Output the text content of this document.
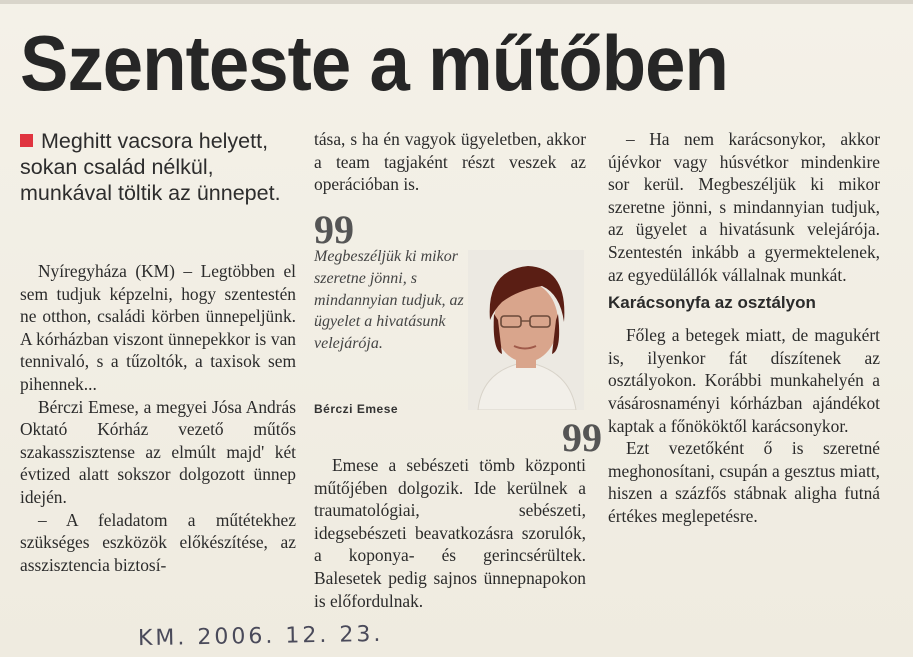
Szenteste a műtőben
Meghitt vacsora helyett, sokan család nélkül, munkával töltik az ünnepet.

Nyíregyháza (KM) – Legtöbben el sem tudjuk képzelni, hogy szentestén ne otthon, családi körben ünnepeljünk. A kórházban viszont ünnepekkor is van tennivaló, s a tűzoltók, a taxisok sem pihennek...

Bérczi Emese, a megyei Jósa András Oktató Kórház vezető műtős szakasszisztense az elmúlt majd' két évtized alatt sokszor dolgozott ünnep idején.

– A feladatom a műtétekhez szükséges eszközök előkészítése, az asszisztencia biztosí-

tása, s ha én vagyok ügyeletben, akkor a team tagjaként részt veszek az operációban is.

99
Megbeszéljük ki mikor szeretne jönni, s mindannyian tudjuk, az ügyelet a hivatásunk velejárója.
Bérczi Emese
99

Emese a sebészeti tömb központi műtőjében dolgozik. Ide kerülnek a traumatológiai, sebészeti, idegsebészeti beavatkozásra szorulók, a koponya- és gerincsérültek. Balesetek pedig sajnos ünnepnapokon is előfordulnak.

– Ha nem karácsonykor, akkor újévkor vagy húsvétkor mindenkire sor kerül. Megbeszéljük ki mikor szeretne jönni, s mindannyian tudjuk, az ügyelet a hivatásunk velejárója. Szentestén inkább a gyermektelenek, az egyedülállók vállalnak munkát.

Karácsonyfa az osztályon

Főleg a betegek miatt, de magukért is, ilyenkor fát díszítenek az osztályokon. Korábbi munkahelyén a vásárosnaményi kórházban ajándékot kaptak a főnököktől karácsonykor.

Ezt vezetőként ő is szeretné meghonosítani, csupán a gesztus miatt, hiszen a százfős stábnak aligha futná értékes meglepetésre.

KM. 2006. 12. 23.
